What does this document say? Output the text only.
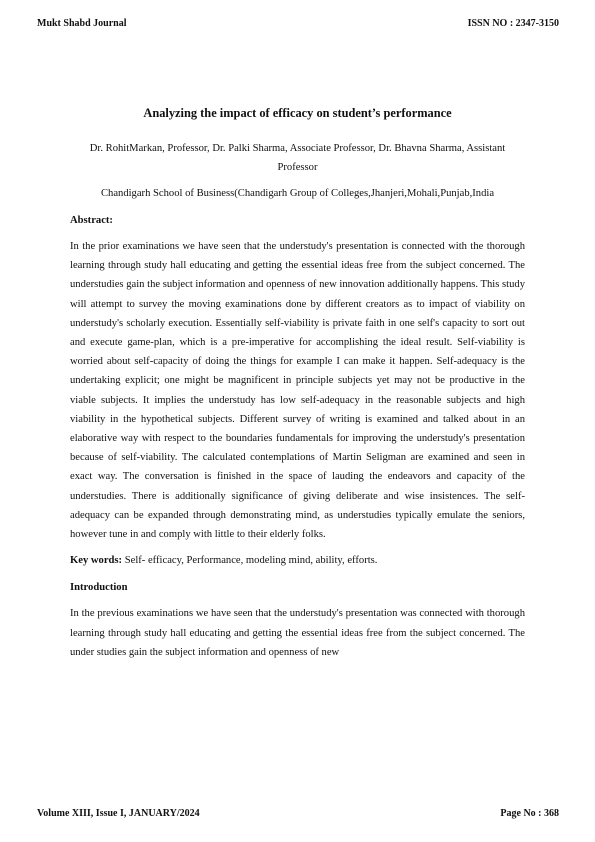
Mukt Shabd Journal	ISSN NO : 2347-3150
Analyzing the impact of efficacy on student’s performance

Dr. RohitMarkan, Professor, Dr. Palki Sharma, Associate Professor, Dr. Bhavna Sharma, Assistant Professor

Chandigarh School of Business(Chandigarh Group of Colleges,Jhanjeri,Mohali,Punjab,India

Abstract:

In the prior examinations we have seen that the understudy's presentation is connected with the thorough learning through study hall educating and getting the essential ideas free from the subject concerned. The understudies gain the subject information and openness of new innovation additionally happens. This study will attempt to survey the moving examinations done by different creators as to impact of viability on understudy's scholarly execution. Essentially self-viability is private faith in one self's capacity to sort out and execute game-plan, which is a pre-imperative for accomplishing the ideal result. Self-viability is worried about self-capacity of doing the things for example I can make it happen. Self-adequacy is the undertaking explicit; one might be magnificent in principle subjects yet may not be productive in the viable subjects. It implies the understudy has low self-adequacy in the reasonable subjects and high viability in the hypothetical subjects. Different survey of writing is examined and talked about in an elaborative way with respect to the boundaries fundamentals for improving the understudy's presentation because of self-viability. The calculated contemplations of Martin Seligman are examined and seen in exact way. The conversation is finished in the space of lauding the endeavors and capacity of the understudies. There is additionally significance of giving deliberate and wise insistences. The self-adequacy can be expanded through demonstrating mind, as understudies typically emulate the seniors, however tune in and comply with little to their elderly folks.

Key words: Self- efficacy, Performance, modeling mind, ability, efforts.

Introduction

In the previous examinations we have seen that the understudy's presentation was connected with thorough learning through study hall educating and getting the essential ideas free from the subject concerned. The under studies gain the subject information and openness of new

Volume XIII, Issue I, JANUARY/2024	Page No : 368
